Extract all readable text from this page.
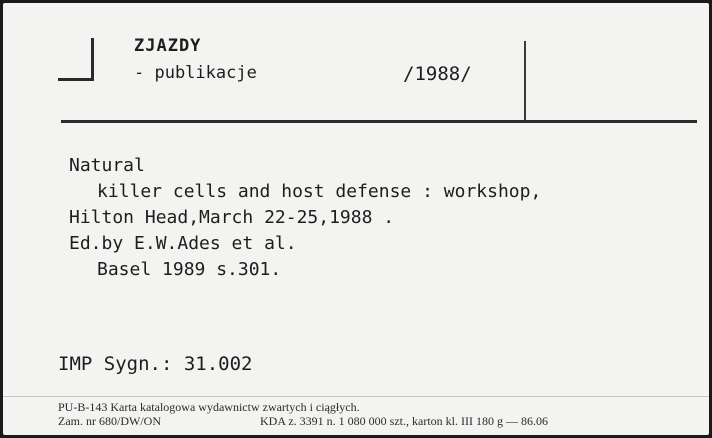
ZJAZDY
- publikacje	/1988/
Natural
killer cells and host defense : workshop,
Hilton Head,March 22-25,1988 .
Ed.by E.W.Ades et al.
Basel 1989 s.301.
IMP Sygn.: 31.002
PU-B-143 Karta katalogowa wydawnictw zwartych i ciągłych.
Zam. nr 680/DW/ON	KDA z. 3391 n. 1 080 000 szt., karton kl. III 180 g — 86.06
